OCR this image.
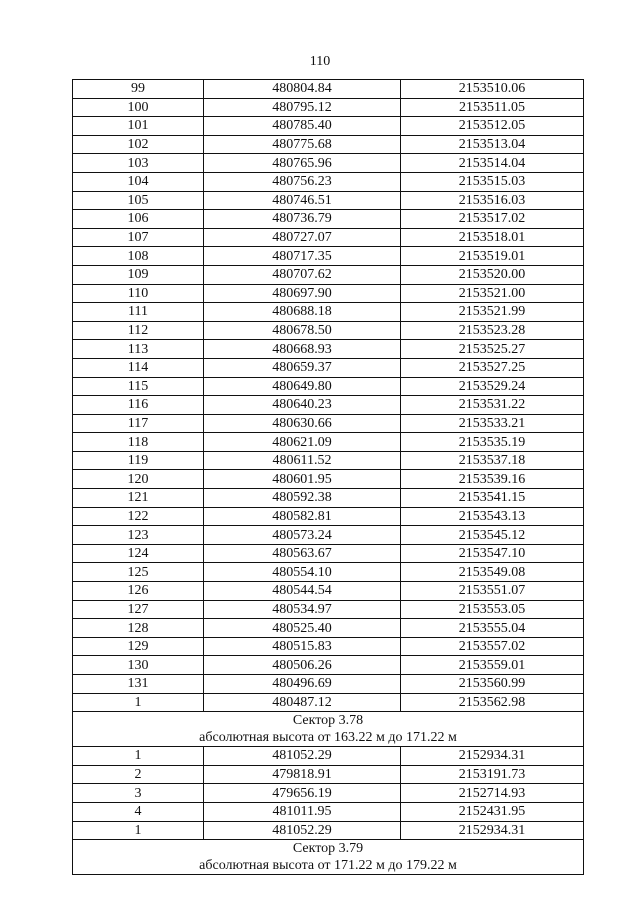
110
99	480804.84	2153510.06
100	480795.12	2153511.05
101	480785.40	2153512.05
102	480775.68	2153513.04
103	480765.96	2153514.04
104	480756.23	2153515.03
105	480746.51	2153516.03
106	480736.79	2153517.02
107	480727.07	2153518.01
108	480717.35	2153519.01
109	480707.62	2153520.00
110	480697.90	2153521.00
111	480688.18	2153521.99
112	480678.50	2153523.28
113	480668.93	2153525.27
114	480659.37	2153527.25
115	480649.80	2153529.24
116	480640.23	2153531.22
117	480630.66	2153533.21
118	480621.09	2153535.19
119	480611.52	2153537.18
120	480601.95	2153539.16
121	480592.38	2153541.15
122	480582.81	2153543.13
123	480573.24	2153545.12
124	480563.67	2153547.10
125	480554.10	2153549.08
126	480544.54	2153551.07
127	480534.97	2153553.05
128	480525.40	2153555.04
129	480515.83	2153557.02
130	480506.26	2153559.01
131	480496.69	2153560.99
1	480487.12	2153562.98

Сектор 3.78
абсолютная высота от 163.22 м до 171.22 м		

1	481052.29	2152934.31
2	479818.91	2153191.73
3	479656.19	2152714.93
4	481011.95	2152431.95
1	481052.29	2152934.31

Сектор 3.79
абсолютная высота от 171.22 м до 179.22 м		
